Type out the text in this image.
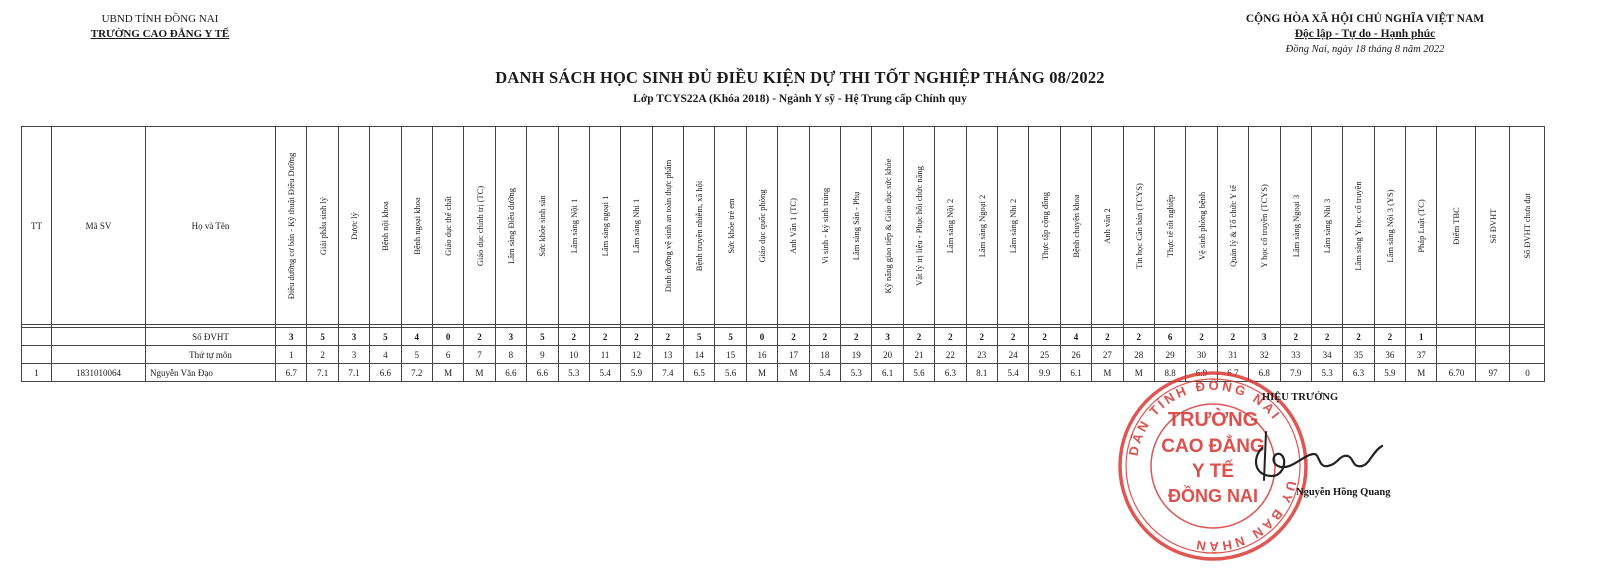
UBND TỈNH ĐỒNG NAI
TRƯỜNG CAO ĐẲNG Y TẾ
CỘNG HÒA XÃ HỘI CHỦ NGHĨA VIỆT NAM
Độc lập - Tự do - Hạnh phúc
Đồng Nai, ngày 18 tháng 8 năm 2022
DANH SÁCH HỌC SINH ĐỦ ĐIỀU KIỆN DỰ THI TỐT NGHIỆP THÁNG 08/2022
Lớp TCYS22A (Khóa 2018) - Ngành Y sỹ - Hệ Trung cấp Chính quy
TT	Mã SV	Họ và Tên	Điều dưỡng cơ bản - Kỹ thuật Điều Dưỡng	Giải phẫu sinh lý	Dược lý	Bệnh nội khoa	Bệnh ngoại khoa	Giáo dục thể chất	Giáo dục chính trị (TC)	Lâm sàng Điều dưỡng	Sức khỏe sinh sản	Lâm sàng Nội 1	Lâm sàng ngoại 1	Lâm sàng Nhi 1	Dinh dưỡng vệ sinh an toàn thực phẩm	Bệnh truyền nhiễm, xã hội	Sức khỏe trẻ em	Giáo dục quốc phòng	Anh Văn 1 (TC)	Vi sinh - ký sinh trùng	Lâm sàng Sản - Phụ	Kỹ năng giao tiếp & Giáo dục sức khỏe	Vật lý trị liệu - Phục hồi chức năng	Lâm sàng Nội 2	Lâm sàng Ngoại 2	Lâm sàng Nhi 2	Thực tập cộng đồng	Bệnh chuyên khoa	Anh văn 2	Tin học Căn bản (TCYS)	Thực tế tốt nghiệp	Vệ sinh phòng bệnh	Quản lý & Tổ chức Y tế	Y học cổ truyền (TCYS)	Lâm sàng Ngoại 3	Lâm sàng Nhi 3	Lâm sàng Y học cổ truyền	Lâm sàng Nội 3 (YS)	Pháp Luật (TC)	Điểm TBC	Số ĐVHT	Số ĐVHT chưa đạt

		Số ĐVHT	3	5	3	5	4	0	2	3	5	2	2	2	2	5	5	0	2	2	2	3	2	2	2	2	2	4	2	2	6	2	2	3	2	2	2	2	1			
		Thứ tự môn	1	2	3	4	5	6	7	8	9	10	11	12	13	14	15	16	17	18	19	20	21	22	23	24	25	26	27	28	29	30	31	32	33	34	35	36	37			
1	1831010064	Nguyễn Văn Đạo	6.7	7.1	7.1	6.6	7.2	M	M	6.6	6.6	5.3	5.4	5.9	7.4	6.5	5.6	M	M	5.4	5.3	6.1	5.6	6.3	8.1	5.4	9.9	6.1	M	M	8.8	6.9	6.7	6.8	7.9	5.3	6.3	5.9	M	6.70	97	0
UY BAN NHÂN
DÂN TỈNH ĐỒNG NAI
TRƯỜNG
CAO ĐẲNG
Y TẾ
ĐỒNG NAI
HIỆU TRƯỞNG
Nguyễn Hồng Quang
